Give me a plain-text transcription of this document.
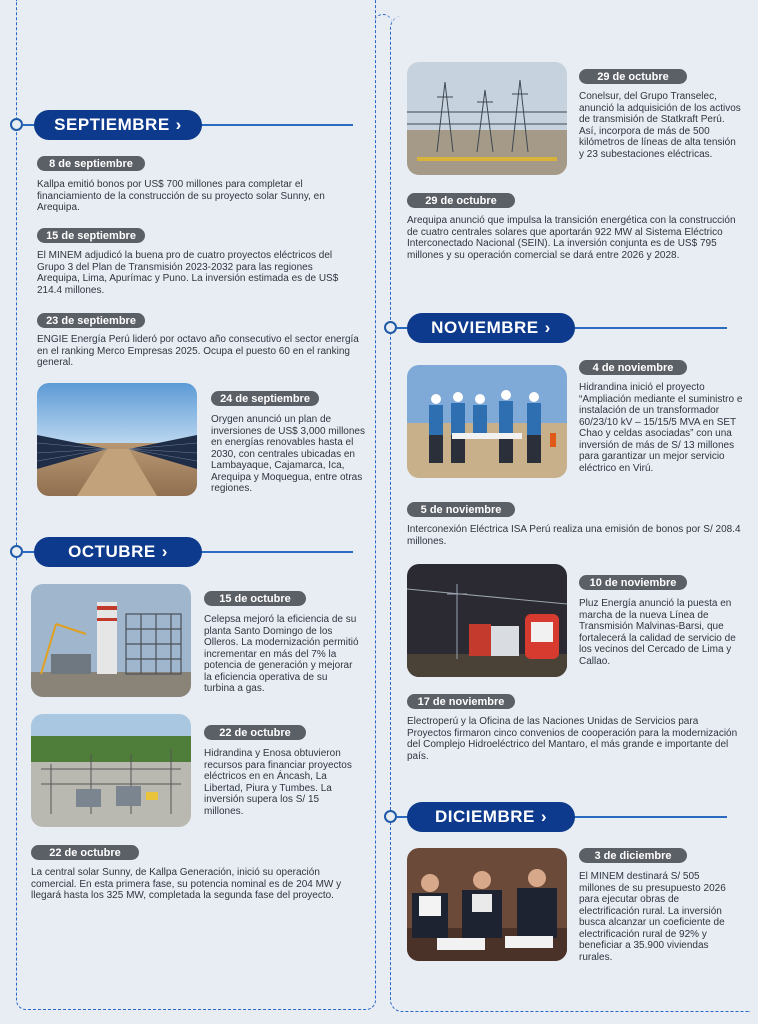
SEPTIEMBRE ›
8 de septiembre
Kallpa emitió bonos por US$ 700 millones para completar el financiamiento de la construcción de su proyecto solar Sunny, en Arequipa.
15 de septiembre
El MINEM adjudicó la buena pro de cuatro proyectos eléctricos del Grupo 3 del Plan de Transmisión 2023-2032 para las regiones Arequipa, Lima, Apurímac y Puno. La inversión estimada es de US$ 214.4 millones.
23 de septiembre
ENGIE Energía Perú lideró por octavo año consecutivo el sector energía en el ranking Merco Empresas 2025. Ocupa el puesto 60 en el ranking general.
24 de septiembre
Orygen anunció un plan de inversiones de US$ 3,000 millones en energías renovables hasta el 2030, con centrales ubicadas en Lambayaque, Cajamarca, Ica, Arequipa y Moquegua, entre otras regiones.
OCTUBRE ›
15 de octubre
Celepsa mejoró la eficiencia de su planta Santo Domingo de los Olleros. La modernización permitió incrementar en más del 7% la potencia de generación y mejorar la eficiencia operativa de su turbina a gas.
22 de octubre
Hidrandina y Enosa obtuvieron recursos para financiar proyectos eléctricos en en Áncash, La Libertad, Piura y Tumbes. La inversión supera los S/ 15 millones.
22 de octubre
La central solar Sunny, de Kallpa Generación, inició su operación comercial. En esta primera fase, su potencia nominal es de 204 MW y llegará hasta los 325 MW, completada la segunda fase del proyecto.
29 de octubre
Conelsur, del Grupo Transelec, anunció la adquisición de los activos de transmisión de Statkraft Perú. Así, incorpora de más de 500 kilómetros de líneas de alta tensión y 23 subestaciones eléctricas.
29 de octubre
Arequipa anunció que impulsa la transición energética con la construcción de cuatro centrales solares que aportarán 922 MW al Sistema Eléctrico Interconectado Nacional (SEIN). La inversión conjunta es de US$ 795 millones y su operación comercial se dará entre 2026 y 2028.
NOVIEMBRE ›
4 de noviembre
Hidrandina inició el proyecto “Ampliación mediante el suministro e instalación de un transformador 60/23/10 kV – 15/15/5 MVA en SET Chao y celdas asociadas” con una inversión de más de S/ 13 millones para garantizar un mejor servicio eléctrico en Virú.
5 de noviembre
Interconexión Eléctrica ISA Perú realiza una emisión de bonos por S/ 208.4 millones.
10 de noviembre
Pluz Energía anunció la puesta en marcha de la nueva Línea de Transmisión Malvinas-Barsi, que fortalecerá la calidad de servicio de los vecinos del Cercado de Lima y Callao.
17 de noviembre
Electroperú y la Oficina de las Naciones Unidas de Servicios para Proyectos firmaron cinco convenios de cooperación para la modernización del Complejo Hidroeléctrico del Mantaro, el más grande e importante del país.
DICIEMBRE ›
3 de diciembre
El MINEM destinará S/ 505 millones de su presupuesto 2026 para ejecutar obras de electrificación rural. La inversión busca alcanzar un coeficiente de electrificación rural de 92% y beneficiar a 35.900 viviendas rurales.
